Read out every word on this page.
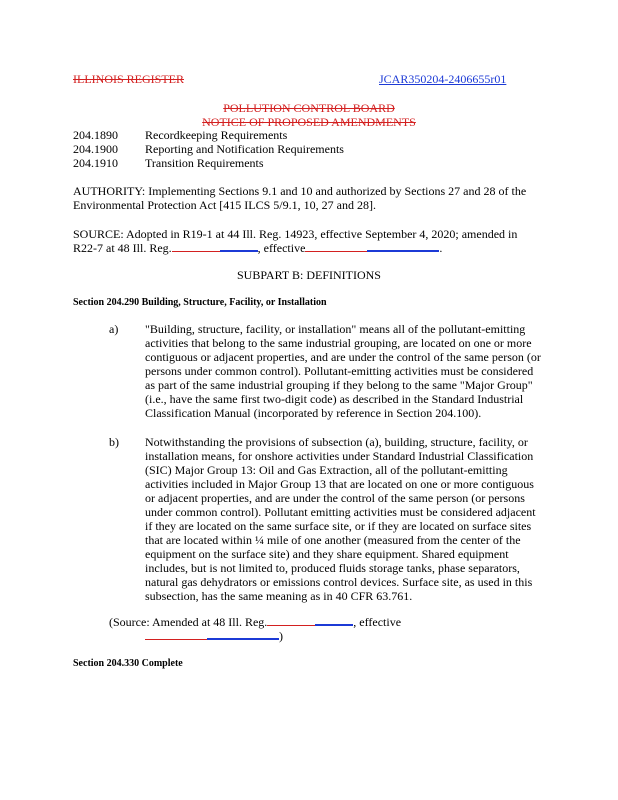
ILLINOIS REGISTER	JCAR350204-2406655r01
POLLUTION CONTROL BOARD
NOTICE OF PROPOSED AMENDMENTS
204.1890 Recordkeeping Requirements
204.1900 Reporting and Notification Requirements
204.1910 Transition Requirements
AUTHORITY: Implementing Sections 9.1 and 10 and authorized by Sections 27 and 28 of the
Environmental Protection Act [415 ILCS 5/9.1, 10, 27 and 28].
SOURCE: Adopted in R19-1 at 44 Ill. Reg. 14923, effective September 4, 2020; amended in
R22-7 at 48 Ill. Reg.	, effective	.
SUBPART B: DEFINITIONS
Section 204.290 Building, Structure, Facility, or Installation
a) "Building, structure, facility, or installation" means all of the pollutant-emitting

activities that belong to the same industrial grouping, are located on one or more

contiguous or adjacent properties, and are under the control of the same person (or

persons under common control). Pollutant-emitting activities must be considered

as part of the same industrial grouping if they belong to the same "Major Group"

(i.e., have the same first two-digit code) as described in the Standard Industrial

Classification Manual (incorporated by reference in Section 204.100).

b) Notwithstanding the provisions of subsection (a), building, structure, facility, or

installation means, for onshore activities under Standard Industrial Classification

(SIC) Major Group 13: Oil and Gas Extraction, all of the pollutant-emitting

activities included in Major Group 13 that are located on one or more contiguous

or adjacent properties, and are under the control of the same person (or persons

under common control). Pollutant emitting activities must be considered adjacent

if they are located on the same surface site, or if they are located on surface sites

that are located within ¼ mile of one another (measured from the center of the

equipment on the surface site) and they share equipment. Shared equipment

includes, but is not limited to, produced fluids storage tanks, phase separators,

natural gas dehydrators or emissions control devices. Surface site, as used in this

subsection, has the same meaning as in 40 CFR 63.761.

(Source: Amended at 48 Ill. Reg.	, effective
)
Section 204.330 Complete
